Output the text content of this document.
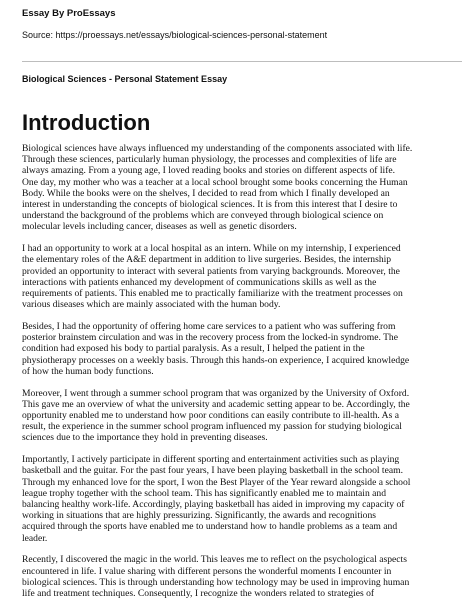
Essay By ProEssays

Source: https://proessays.net/essays/biological-sciences-personal-statement

Biological Sciences - Personal Statement Essay

Introduction

Biological sciences have always influenced my understanding of the components associated with life.
Through these sciences, particularly human physiology, the processes and complexities of life are
always amazing. From a young age, I loved reading books and stories on different aspects of life.
One day, my mother who was a teacher at a local school brought some books concerning the Human
Body. While the books were on the shelves, I decided to read from which I finally developed an
interest in understanding the concepts of biological sciences. It is from this interest that I desire to
understand the background of the problems which are conveyed through biological science on
molecular levels including cancer, diseases as well as genetic disorders.

I had an opportunity to work at a local hospital as an intern. While on my internship, I experienced
the elementary roles of the A&E department in addition to live surgeries. Besides, the internship
provided an opportunity to interact with several patients from varying backgrounds. Moreover, the
interactions with patients enhanced my development of communications skills as well as the
requirements of patients. This enabled me to practically familiarize with the treatment processes on
various diseases which are mainly associated with the human body.

Besides, I had the opportunity of offering home care services to a patient who was suffering from
posterior brainstem circulation and was in the recovery process from the locked-in syndrome. The
condition had exposed his body to partial paralysis. As a result, I helped the patient in the
physiotherapy processes on a weekly basis. Through this hands-on experience, I acquired knowledge
of how the human body functions.

Moreover, I went through a summer school program that was organized by the University of Oxford.
This gave me an overview of what the university and academic setting appear to be. Accordingly, the
opportunity enabled me to understand how poor conditions can easily contribute to ill-health. As a
result, the experience in the summer school program influenced my passion for studying biological
sciences due to the importance they hold in preventing diseases.

Importantly, I actively participate in different sporting and entertainment activities such as playing
basketball and the guitar. For the past four years, I have been playing basketball in the school team.
Through my enhanced love for the sport, I won the Best Player of the Year reward alongside a school
league trophy together with the school team. This has significantly enabled me to maintain and
balancing healthy work-life. Accordingly, playing basketball has aided in improving my capacity of
working in situations that are highly pressurizing. Significantly, the awards and recognitions
acquired through the sports have enabled me to understand how to handle problems as a team and
leader.

Recently, I discovered the magic in the world. This leaves me to reflect on the psychological aspects
encountered in life. I value sharing with different persons the wonderful moments I encounter in
biological sciences. This is through understanding how technology may be used in improving human
life and treatment techniques. Consequently, I recognize the wonders related to strategies of
